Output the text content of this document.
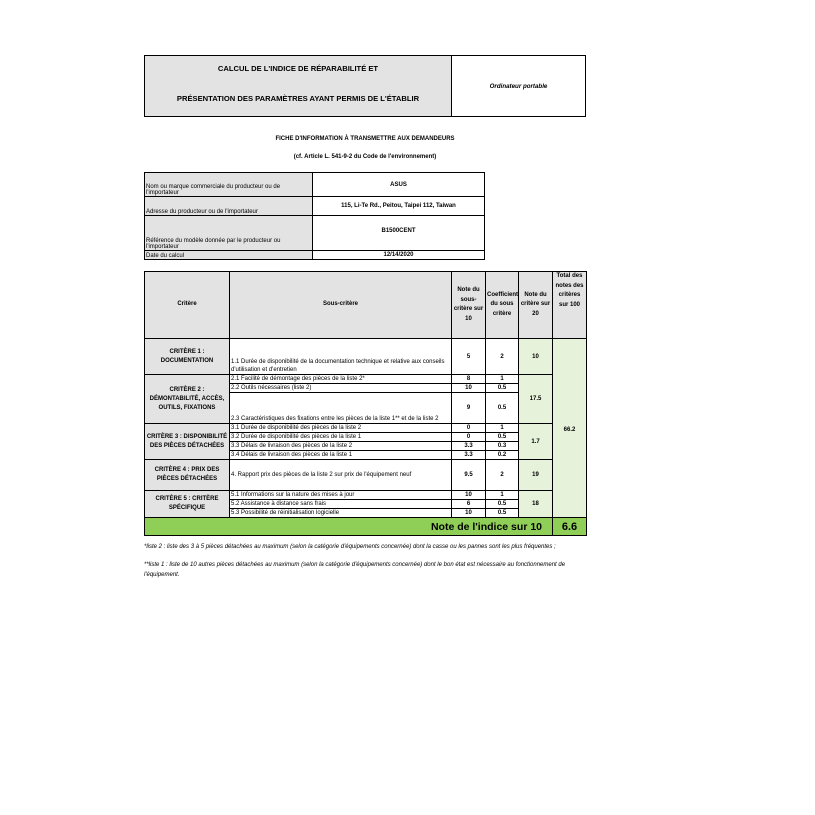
CALCUL DE L'INDICE DE RÉPARABILITÉ ET
PRÉSENTATION DES PARAMÈTRES AYANT PERMIS DE L'ÉTABLIR
Ordinateur portable
FICHE D'INFORMATION À TRANSMETTRE AUX DEMANDEURS
(cf. Article L. 541-9-2 du Code de l'environnement)
Nom ou marque commerciale du producteur ou de l'importateur	ASUS
Adresse du producteur ou de l'importateur	115, Li-Te Rd., Peitou, Taipei 112, Taiwan
Référence du modèle donnée par le producteur ou l'importateur	B1500CENT
Date du calcul	12/14/2020
Critère	Sous-critère	Note du sous-critère sur 10	Coefficient du sous critère	Note du critère sur 20	Total des notes des critères sur 100
CRITÈRE 1 : DOCUMENTATION	1.1 Durée de disponibilité de la documentation technique et relative aux conseils d'utilisation et d'entretien	5	2	10	66.2
CRITÈRE 2 : DÉMONTABILITÉ, ACCÈS, OUTILS, FIXATIONS	2.1 Facilité de démontage des pièces de la liste 2*	8	1	17.5	
	2.2 Outils nécessaires (liste 2)	10	0.5		
	2.3 Caractéristiques des fixations entre les pièces de la liste 1** et de la liste 2	9	0.5		
CRITÈRE 3 : DISPONIBILITÉ DES PIÈCES DÉTACHÉES	3.1 Durée de disponibilité des pièces de la liste 2	0	1	1.7	
	3.2 Durée de disponibilité des pièces de la liste 1	0	0.5		
	3.3 Délais de livraison des pièces de la liste 2	3.3	0.3		
	3.4 Délais de livraison des pièces de la liste 1	3.3	0.2		
CRITÈRE 4 : PRIX DES PIÈCES DÉTACHÉES	4. Rapport prix des pièces de la liste 2 sur prix de l'équipement neuf	9.5	2	19	
CRITÈRE 5 : CRITÈRE SPÉCIFIQUE	5.1 Informations sur la nature des mises à jour	10	1	18	
	5.2 Assistance à distance sans frais	6	0.5		
	5.3 Possibilité de réinitialisation logicielle	10	0.5		
Note de l'indice sur 10					6.6
*liste 2 : liste des 3 à 5 pièces détachées au maximum (selon la catégorie d'équipements concernée) dont la casse ou les pannes sont les plus fréquentes ;
**liste 1 : liste de 10 autres pièces détachées au maximum (selon la catégorie d'équipements concernée) dont le bon état est nécessaire au fonctionnement de l'équipement.
